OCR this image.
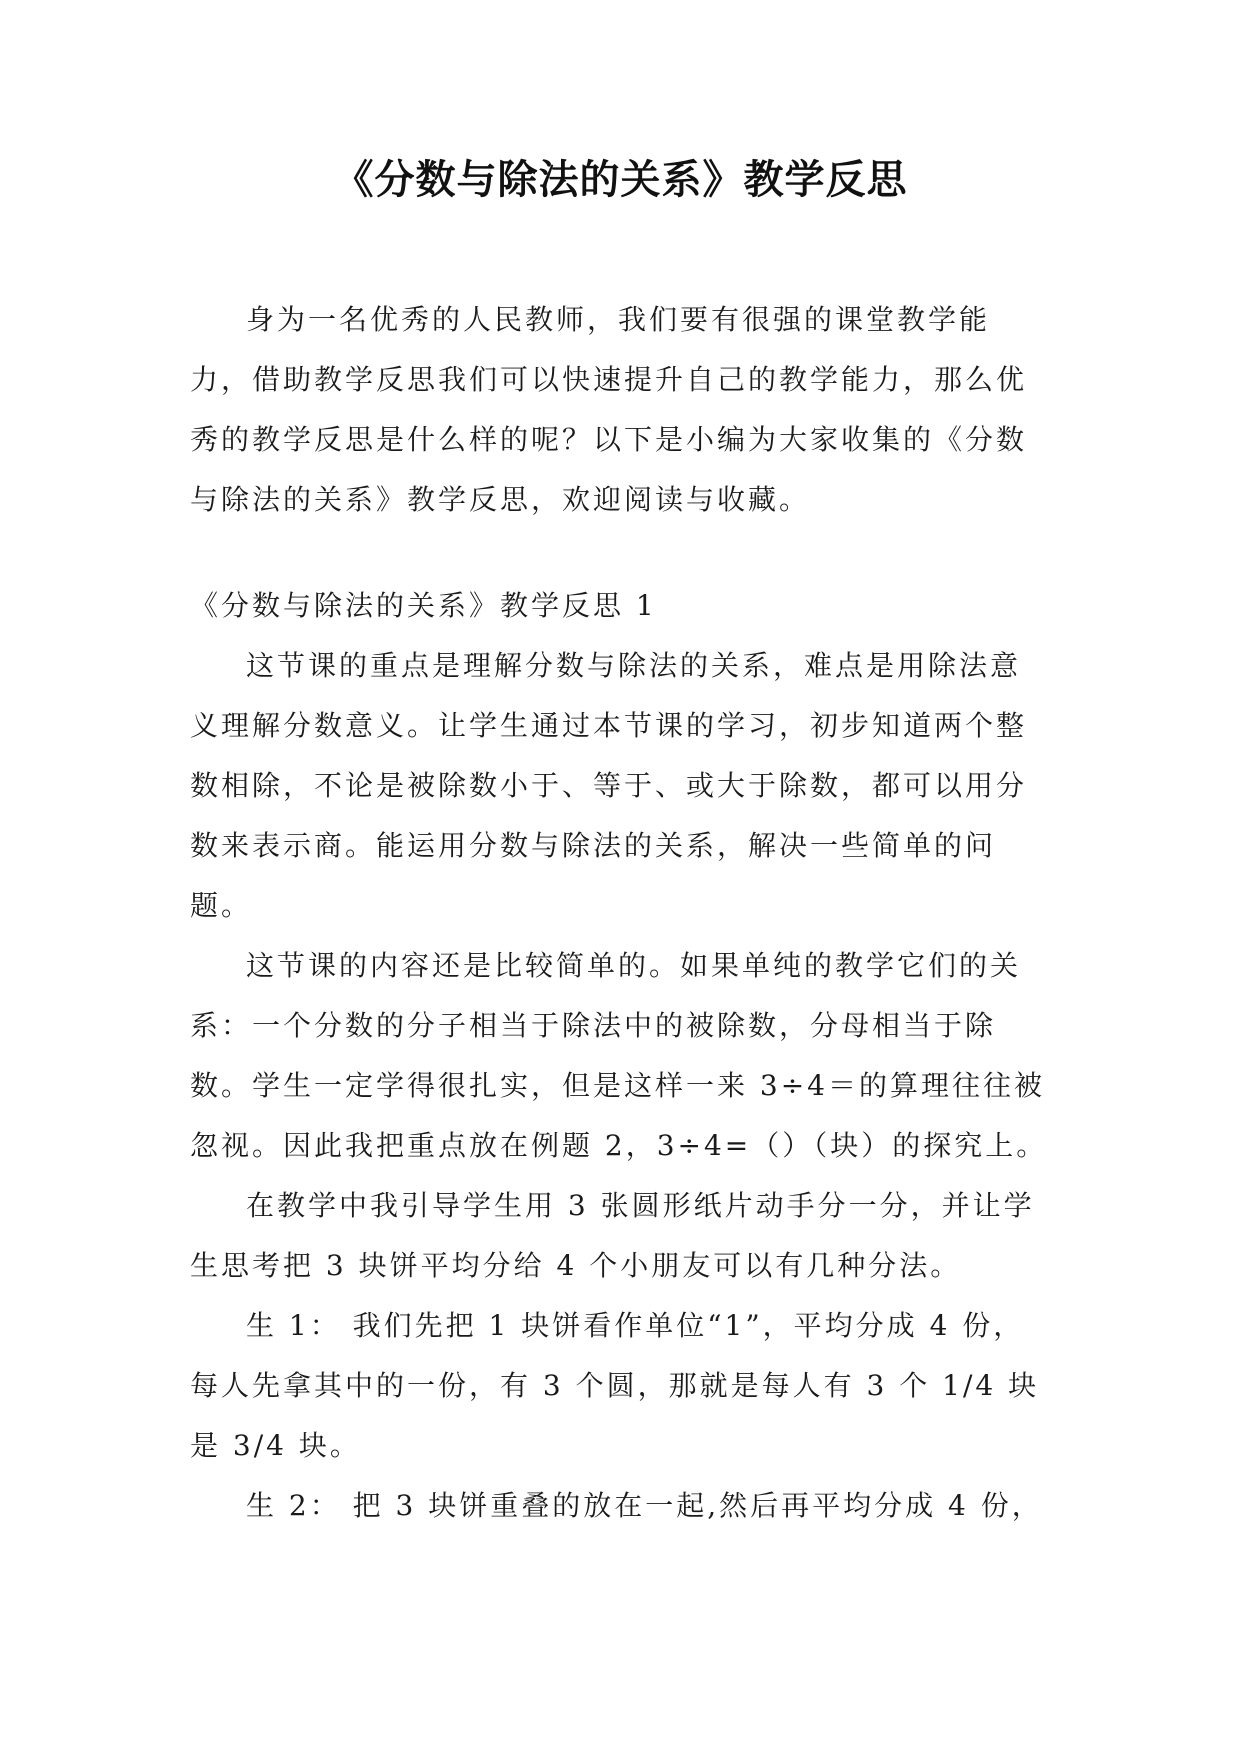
《分数与除法的关系》教学反思

身为一名优秀的人民教师，我们要有很强的课堂教学能力，借助教学反思我们可以快速提升自己的教学能力，那么优秀的教学反思是什么样的呢？以下是小编为大家收集的《分数与除法的关系》教学反思，欢迎阅读与收藏。

《分数与除法的关系》教学反思 1

这节课的重点是理解分数与除法的关系，难点是用除法意义理解分数意义。让学生通过本节课的学习，初步知道两个整数相除，不论是被除数小于、等于、或大于除数，都可以用分数来表示商。能运用分数与除法的关系，解决一些简单的问题。

这节课的内容还是比较简单的。如果单纯的教学它们的关系：一个分数的分子相当于除法中的被除数，分母相当于除数。学生一定学得很扎实，但是这样一来 3÷4＝的算理往往被忽视。因此我把重点放在例题 2，3÷4=（）（块）的探究上。

在教学中我引导学生用 3 张圆形纸片动手分一分，并让学生思考把 3 块饼平均分给 4 个小朋友可以有几种分法。

生 1： 我们先把 1 块饼看作单位“1”，平均分成 4 份，每人先拿其中的一份，有 3 个圆，那就是每人有 3 个 1/4 块是 3/4 块。

生 2： 把 3 块饼重叠的放在一起,然后再平均分成 4 份，
